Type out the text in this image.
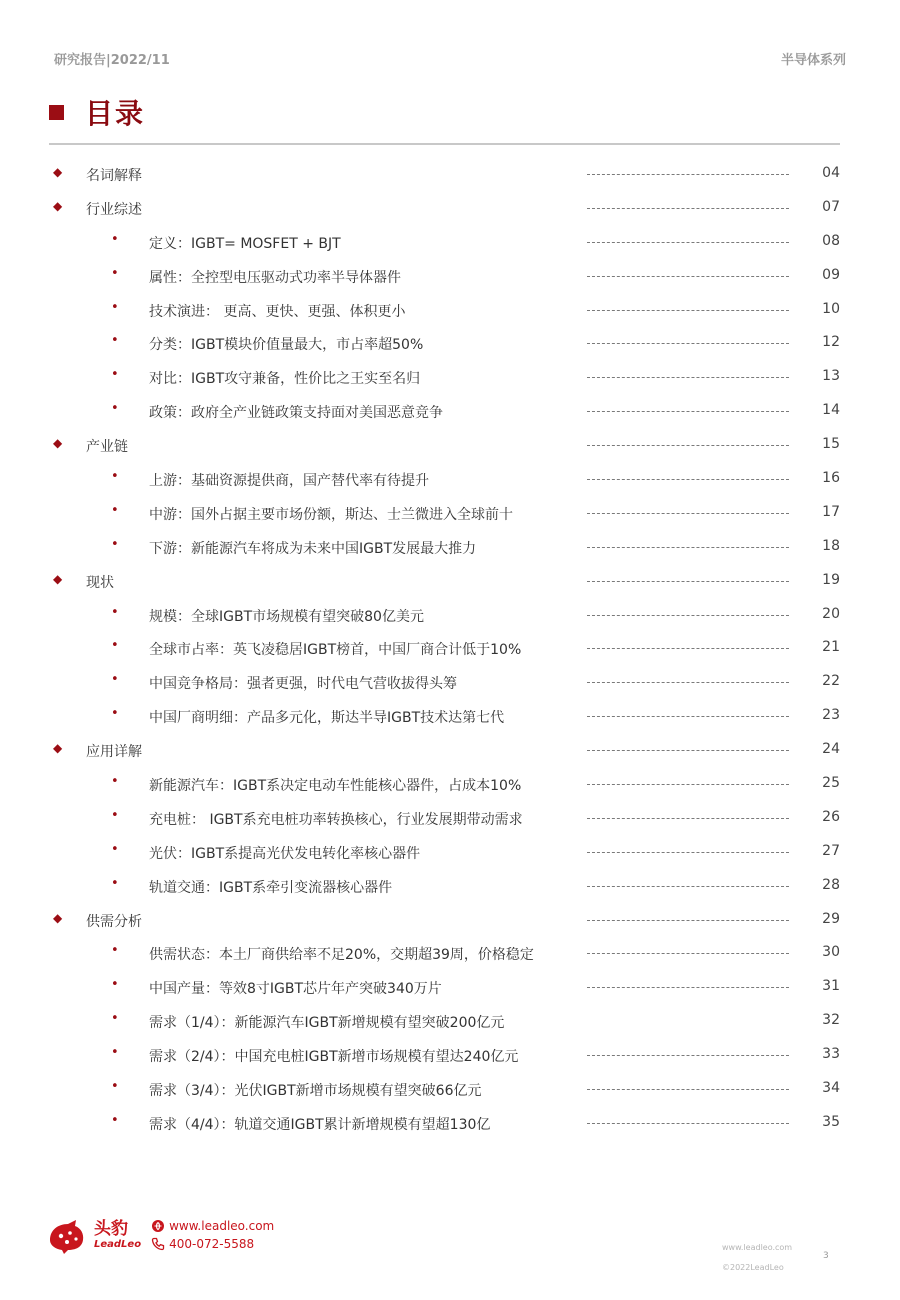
研究报告|2022/11	半导体系列
目录
◆ 名词解释	04
◆ 行业综述	07
• 定义：IGBT= MOSFET + BJT	08
• 属性：全控型电压驱动式功率半导体器件	09
• 技术演进： 更高、更快、更强、体积更小	10
• 分类：IGBT模块价值量最大，市占率超50%	12
• 对比：IGBT攻守兼备，性价比之王实至名归	13
• 政策：政府全产业链政策支持面对美国恶意竞争	14
◆ 产业链	15
• 上游：基础资源提供商，国产替代率有待提升	16
• 中游：国外占据主要市场份额，斯达、士兰微进入全球前十	17
• 下游：新能源汽车将成为未来中国IGBT发展最大推力	18
◆ 现状	19
• 规模：全球IGBT市场规模有望突破80亿美元	20
• 全球市占率：英飞凌稳居IGBT榜首，中国厂商合计低于10%	21
• 中国竞争格局：强者更强，时代电气营收拔得头筹	22
• 中国厂商明细：产品多元化，斯达半导IGBT技术达第七代	23
◆ 应用详解	24
• 新能源汽车：IGBT系决定电动车性能核心器件，占成本10%	25
• 充电桩： IGBT系充电桩功率转换核心，行业发展期带动需求	26
• 光伏：IGBT系提高光伏发电转化率核心器件	27
• 轨道交通：IGBT系牵引变流器核心器件	28
◆ 供需分析	29
• 供需状态：本土厂商供给率不足20%，交期超39周，价格稳定	30
• 中国产量：等效8寸IGBT芯片年产突破340万片	31
• 需求（1/4）：新能源汽车IGBT新增规模有望突破200亿元	32
• 需求（2/4）：中国充电桩IGBT新增市场规模有望达240亿元	33
• 需求（3/4）：光伏IGBT新增市场规模有望突破66亿元	34
• 需求（4/4）：轨道交通IGBT累计新增规模有望超130亿	35
头豹
LeadLeo
www.leadleo.com
400-072-5588	www.leadleo.com
©2022LeadLeo
3
